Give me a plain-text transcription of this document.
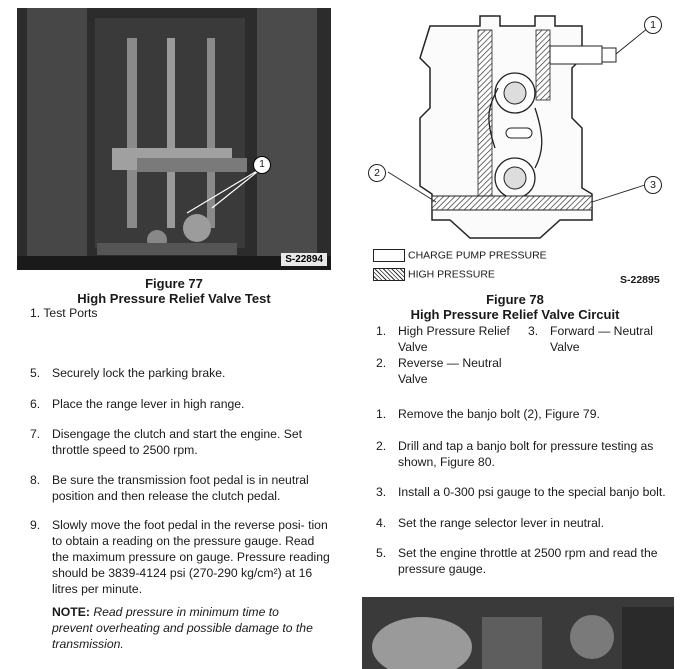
1
S-22894
Figure 77
High Pressure Relief Valve Test
1. Test Ports
5. Securely lock the parking brake.
6. Place the range lever in high range.
7. Disengage the clutch and start the engine. Set throttle speed to 2500 rpm.
8. Be sure the transmission foot pedal is in neutral position and then release the clutch pedal.
9. Slowly move the foot pedal in the reverse posi- tion to obtain a reading on the pressure gauge. Read the maximum pressure on gauge. Pressure reading should be 3839-4124 psi (270-290 kg/cm²) at 16 litres per minute.
NOTE: Read pressure in minimum time to prevent overheating and possible damage to the transmission.
1
2
3
CHARGE PUMP PRESSURE
HIGH PRESSURE	S-22895
Figure 78
High Pressure Relief Valve Circuit
1. High Pressure Relief Valve
3. Forward — Neutral Valve
2. Reverse — Neutral Valve
1. Remove the banjo bolt (2), Figure 79.
2. Drill and tap a banjo bolt for pressure testing as shown, Figure 80.
3. Install a 0-300 psi gauge to the special banjo bolt.
4. Set the range selector lever in neutral.
5. Set the engine throttle at 2500 rpm and read the pressure gauge.
